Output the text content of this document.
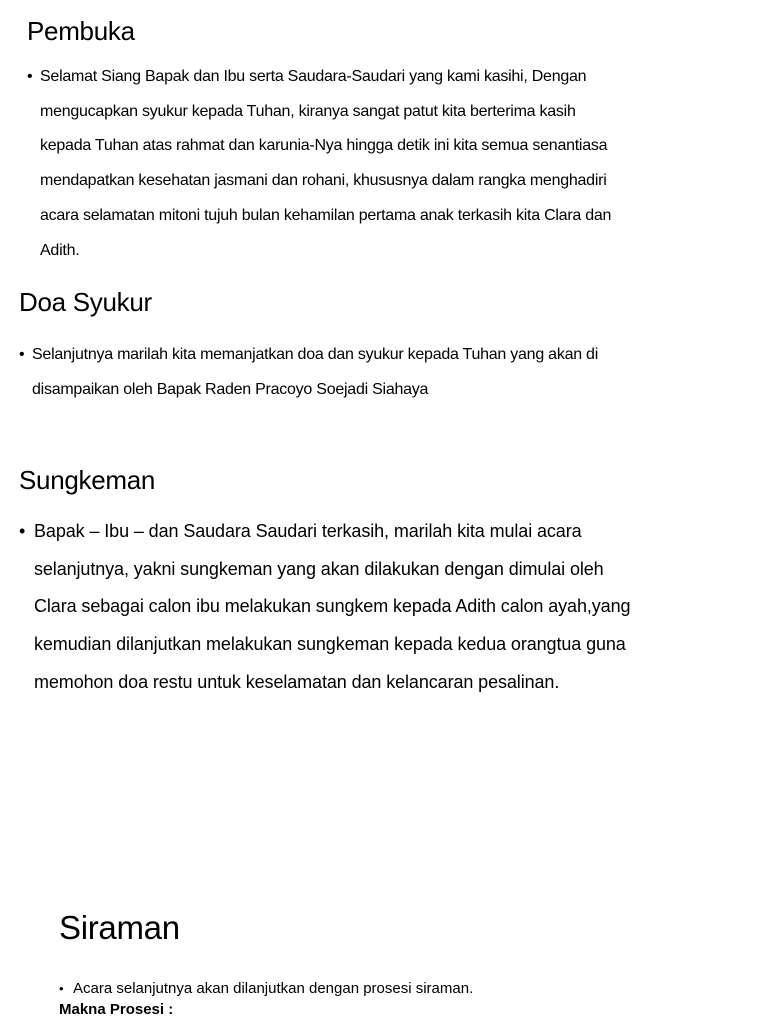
Pembuka
• Selamat Siang Bapak dan Ibu serta Saudara-Saudari yang kami kasihi, Dengan
mengucapkan syukur kepada Tuhan, kiranya sangat patut kita berterima kasih
kepada Tuhan atas rahmat dan karunia-Nya hingga detik ini kita semua senantiasa
mendapatkan kesehatan jasmani dan rohani, khususnya dalam rangka menghadiri
acara selamatan mitoni tujuh bulan kehamilan pertama anak terkasih kita Clara dan
Adith.

Doa Syukur
• Selanjutnya marilah kita memanjatkan doa dan syukur kepada Tuhan yang akan di
disampaikan oleh Bapak Raden Pracoyo Soejadi Siahaya

Sungkeman
• Bapak – Ibu – dan Saudara Saudari terkasih, marilah kita mulai acara
selanjutnya, yakni sungkeman yang akan dilakukan dengan dimulai oleh
Clara sebagai calon ibu melakukan sungkem kepada Adith calon ayah,yang
kemudian dilanjutkan melakukan sungkeman kepada kedua orangtua guna
memohon doa restu untuk keselamatan dan kelancaran pesalinan.

Siraman
• Acara selanjutnya akan dilanjutkan dengan prosesi siraman.

Makna Prosesi :
